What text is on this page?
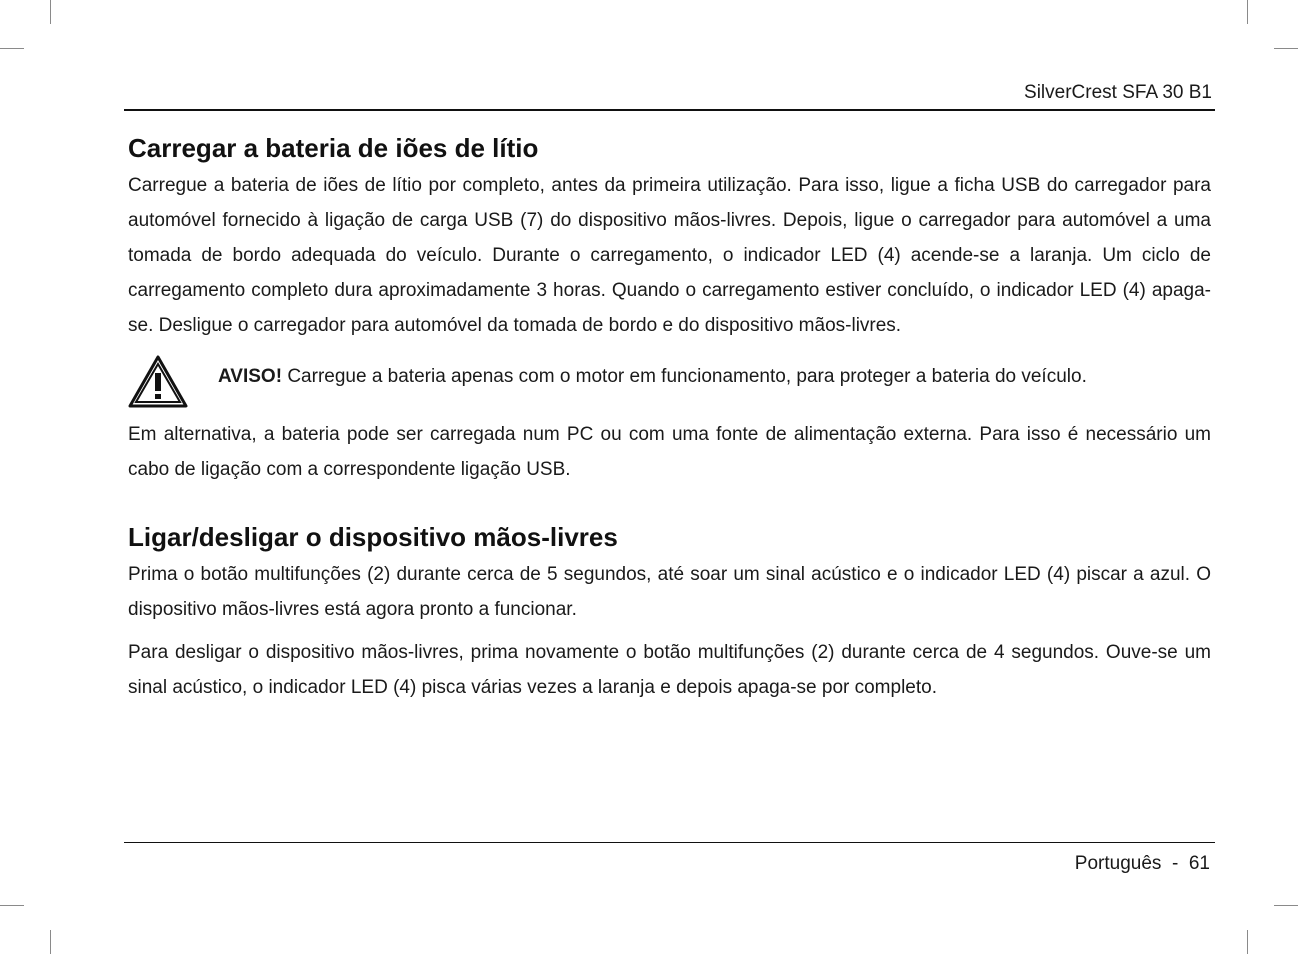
SilverCrest SFA 30 B1
Carregar a bateria de iões de lítio

Carregue a bateria de iões de lítio por completo, antes da primeira utilização. Para isso, ligue a ficha USB do carregador para automóvel fornecido à ligação de carga USB (7) do dispositivo mãos-livres. Depois, ligue o carregador para automóvel a uma tomada de bordo adequada do veículo. Durante o carregamento, o indicador LED (4) acende-se a laranja. Um ciclo de carregamento completo dura aproximadamente 3 horas. Quando o carregamento estiver concluído, o indicador LED (4) apaga-se. Desligue o carregador para automóvel da tomada de bordo e do dispositivo mãos-livres.

AVISO! Carregue a bateria apenas com o motor em funcionamento, para proteger a bateria do veículo.

Em alternativa, a bateria pode ser carregada num PC ou com uma fonte de alimentação externa. Para isso é necessário um cabo de ligação com a correspondente ligação USB.

Ligar/desligar o dispositivo mãos-livres

Prima o botão multifunções (2) durante cerca de 5 segundos, até soar um sinal acústico e o indicador LED (4) piscar a azul. O dispositivo mãos-livres está agora pronto a funcionar.

Para desligar o dispositivo mãos-livres, prima novamente o botão multifunções (2) durante cerca de 4 segundos. Ouve-se um sinal acústico, o indicador LED (4) pisca várias vezes a laranja e depois apaga-se por completo.

Português - 61
